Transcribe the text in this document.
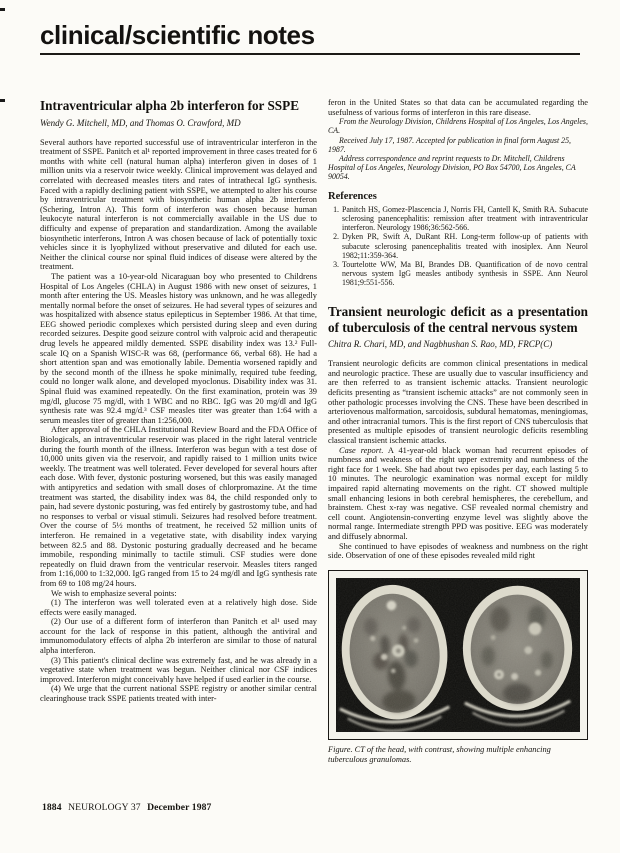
clinical/scientific notes
Intraventricular alpha 2b interferon for SSPE
Wendy G. Mitchell, MD, and Thomas O. Crawford, MD

Several authors have reported successful use of intraventricular interferon in the treatment of SSPE. Panitch et al¹ reported improvement in three cases treated for 6 months with white cell (natural human alpha) interferon given in doses of 1 million units via a reservoir twice weekly. Clinical improvement was delayed and correlated with decreased measles titers and rates of intrathecal IgG synthesis. Faced with a rapidly declining patient with SSPE, we attempted to alter his course by intraventricular treatment with biosynthetic human alpha 2b interferon (Schering, Intron A). This form of interferon was chosen because human leukocyte natural interferon is not commercially available in the US due to difficulty and expense of preparation and standardization. Among the available biosynthetic interferons, Intron A was chosen because of lack of potentially toxic vehicles since it is lyophylized without preservative and diluted for each use. Neither the clinical course nor spinal fluid indices of disease were altered by the treatment.

The patient was a 10-year-old Nicaraguan boy who presented to Childrens Hospital of Los Angeles (CHLA) in August 1986 with new onset of seizures, 1 month after entering the US. Measles history was unknown, and he was allegedly mentally normal before the onset of seizures. He had several types of seizures and was hospitalized with absence status epilepticus in September 1986. At that time, EEG showed periodic complexes which persisted during sleep and even during recorded seizures. Despite good seizure control with valproic acid and therapeutic drug levels he appeared mildly demented. SSPE disability index was 13.² Full-scale IQ on a Spanish WISC-R was 68, (performance 66, verbal 68). He had a short attention span and was emotionally labile. Dementia worsened rapidly and by the second month of the illness he spoke minimally, required tube feeding, could no longer walk alone, and developed myoclonus. Disability index was 31. Spinal fluid was examined repeatedly. On the first examination, protein was 39 mg/dl, glucose 75 mg/dl, with 1 WBC and no RBC. IgG was 20 mg/dl and IgG synthesis rate was 92.4 mg/d.³ CSF measles titer was greater than 1:64 with a serum measles titer of greater than 1:256,000.

After approval of the CHLA Institutional Review Board and the FDA Office of Biologicals, an intraventricular reservoir was placed in the right lateral ventricle during the fourth month of the illness. Interferon was begun with a test dose of 10,000 units given via the reservoir, and rapidly raised to 1 million units twice weekly. The treatment was well tolerated. Fever developed for several hours after each dose. With fever, dystonic posturing worsened, but this was easily managed with antipyretics and sedation with small doses of chlorpromazine. At the time treatment was started, the disability index was 84, the child responded only to pain, had severe dystonic posturing, was fed entirely by gastrostomy tube, and had no responses to verbal or visual stimuli. Seizures had resolved before treatment. Over the course of 5½ months of treatment, he received 52 million units of interferon. He remained in a vegetative state, with disability index varying between 82.5 and 88. Dystonic posturing gradually decreased and he became immobile, responding minimally to tactile stimuli. CSF studies were done repeatedly on fluid drawn from the ventricular reservoir. Measles titers ranged from 1:16,000 to 1:32,000. IgG ranged from 15 to 24 mg/dl and IgG synthesis rate from 69 to 108 mg/24 hours.

We wish to emphasize several points:

(1) The interferon was well tolerated even at a relatively high dose. Side effects were easily managed.

(2) Our use of a different form of interferon than Panitch et al¹ used may account for the lack of response in this patient, although the antiviral and immunomodulatory effects of alpha 2b interferon are similar to those of natural alpha interferon.

(3) This patient's clinical decline was extremely fast, and he was already in a vegetative state when treatment was begun. Neither clinical nor CSF indices improved. Interferon might conceivably have helped if used earlier in the course.

(4) We urge that the current national SSPE registry or another similar central clearinghouse track SSPE patients treated with inter-

feron in the United States so that data can be accumulated regarding the usefulness of various forms of interferon in this rare disease.

From the Neurology Division, Childrens Hospital of Los Angeles, Los Angeles, CA.

Received July 17, 1987. Accepted for publication in final form August 25, 1987.

Address correspondence and reprint requests to Dr. Mitchell, Childrens Hospital of Los Angeles, Neurology Division, PO Box 54700, Los Angeles, CA 90054.

References
1. Panitch HS, Gomez-Plascencia J, Norris FH, Cantell K, Smith RA. Subacute sclerosing panencephalitis: remission after treatment with intraventricular interferon. Neurology 1986;36:562-566.
2. Dyken PR, Swift A, DuRant RH. Long-term follow-up of patients with subacute sclerosing panencephalitis treated with inosiplex. Ann Neurol 1982;11:359-364.
3. Tourtelotte WW, Ma BI, Brandes DB. Quantification of de novo central nervous system IgG measles antibody synthesis in SSPE. Ann Neurol 1981;9:551-556.
Transient neurologic deficit as a presentation of tuberculosis of the central nervous system
Chitra R. Chari, MD, and Nagbhushan S. Rao, MD, FRCP(C)

Transient neurologic deficits are common clinical presentations in medical and neurologic practice. These are usually due to vascular insufficiency and are then referred to as transient ischemic attacks. Transient neurologic deficits presenting as “transient ischemic attacks” are not commonly seen in other pathologic processes involving the CNS. These have been described in arteriovenous malformation, sarcoidosis, subdural hematomas, meningiomas, and other intracranial tumors. This is the first report of CNS tuberculosis that presented as multiple episodes of transient neurologic deficits resembling classical transient ischemic attacks.

Case report. A 41-year-old black woman had recurrent episodes of numbness and weakness of the right upper extremity and numbness of the right face for 1 week. She had about two episodes per day, each lasting 5 to 10 minutes. The neurologic examination was normal except for mildly impaired rapid alternating movements on the right. CT showed multiple small enhancing lesions in both cerebral hemispheres, the cerebellum, and brainstem. Chest x-ray was negative. CSF revealed normal chemistry and cell count. Angiotensin-converting enzyme level was slightly above the normal range. Intermediate strength PPD was positive. EEG was moderately and diffusely abnormal.

She continued to have episodes of weakness and numbness on the right side. Observation of one of these episodes revealed mild right

Figure. CT of the head, with contrast, showing multiple enhancing tuberculous granulomas.
1884 NEUROLOGY 37 December 1987
